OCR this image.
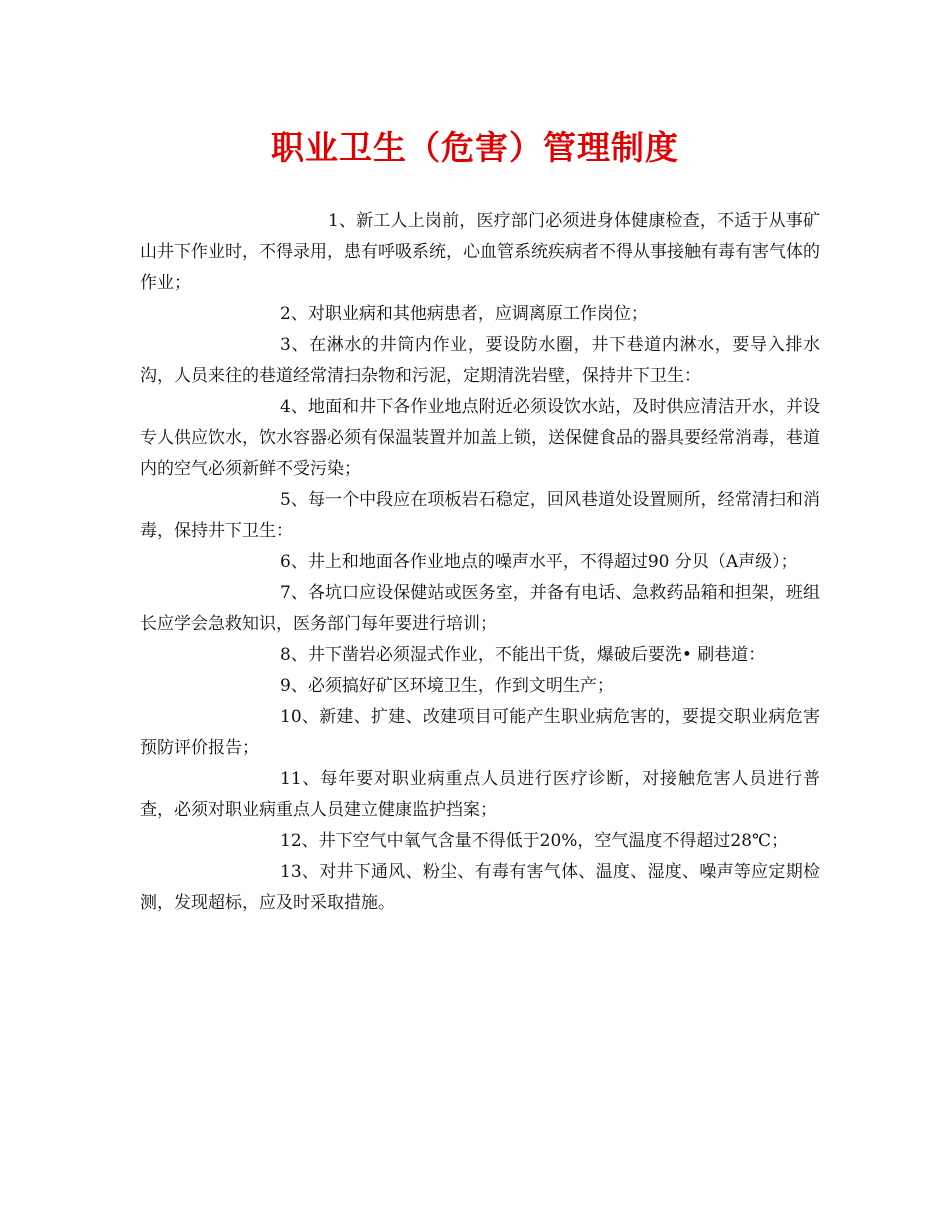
职业卫生（危害）管理制度

1、新工人上岗前，医疗部门必须进身体健康检查，不适于从事矿山井下作业时，不得录用，患有呼吸系统，心血管系统疾病者不得从事接触有毒有害气体的作业；

2、对职业病和其他病患者，应调离原工作岗位；

3、在淋水的井筒内作业，要设防水圈，井下巷道内淋水，要导入排水沟，人员来往的巷道经常清扫杂物和污泥，定期清洗岩壁，保持井下卫生：

4、地面和井下各作业地点附近必须设饮水站，及时供应清洁开水，并设专人供应饮水，饮水容器必须有保温装置并加盖上锁，送保健食品的器具要经常消毒，巷道内的空气必须新鲜不受污染；

5、每一个中段应在项板岩石稳定，回风巷道处设置厕所，经常清扫和消毒，保持井下卫生：

6、井上和地面各作业地点的噪声水平，不得超过90 分贝（A声级）；

7、各坑口应设保健站或医务室，并备有电话、急救药品箱和担架，班组长应学会急救知识，医务部门每年要进行培训；

8、井下凿岩必须湿式作业，不能出干货，爆破后要洗• 刷巷道：

9、必须搞好矿区环境卫生，作到文明生产；

10、新建、扩建、改建项目可能产生职业病危害的，要提交职业病危害预防评价报告；

11、每年要对职业病重点人员进行医疗诊断，对接触危害人员进行普查，必须对职业病重点人员建立健康监护挡案；

12、井下空气中氧气含量不得低于20%，空气温度不得超过28℃；

13、对井下通风、粉尘、有毒有害气体、温度、湿度、噪声等应定期检测，发现超标，应及时采取措施。
